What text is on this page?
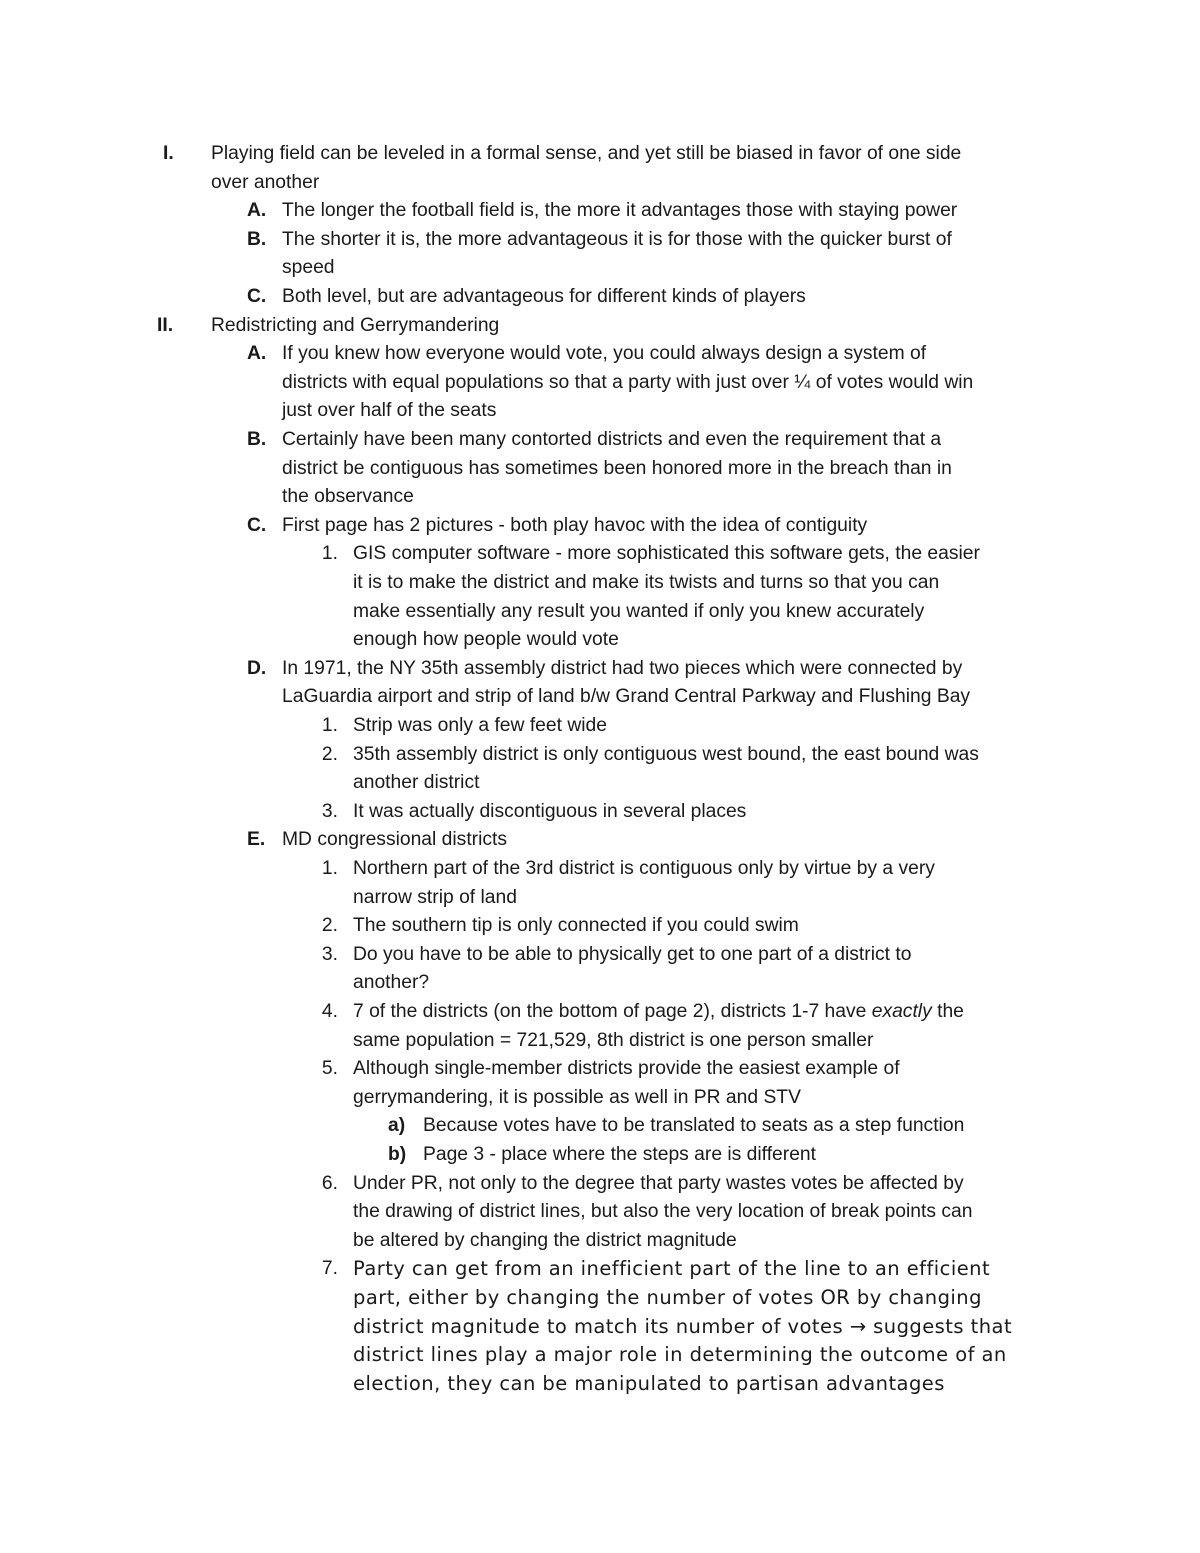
I. Playing field can be leveled in a formal sense, and yet still be biased in favor of one side
over another
A. The longer the football field is, the more it advantages those with staying power
B. The shorter it is, the more advantageous it is for those with the quicker burst of
speed
C. Both level, but are advantageous for different kinds of players
II. Redistricting and Gerrymandering
A. If you knew how everyone would vote, you could always design a system of
districts with equal populations so that a party with just over ¼ of votes would win
just over half of the seats
B. Certainly have been many contorted districts and even the requirement that a
district be contiguous has sometimes been honored more in the breach than in
the observance
C. First page has 2 pictures - both play havoc with the idea of contiguity
1. GIS computer software - more sophisticated this software gets, the easier
it is to make the district and make its twists and turns so that you can
make essentially any result you wanted if only you knew accurately
enough how people would vote
D. In 1971, the NY 35th assembly district had two pieces which were connected by
LaGuardia airport and strip of land b/w Grand Central Parkway and Flushing Bay
1. Strip was only a few feet wide
2. 35th assembly district is only contiguous west bound, the east bound was
another district
3. It was actually discontiguous in several places
E. MD congressional districts
1. Northern part of the 3rd district is contiguous only by virtue by a very
narrow strip of land
2. The southern tip is only connected if you could swim
3. Do you have to be able to physically get to one part of a district to
another?
4. 7 of the districts (on the bottom of page 2), districts 1-7 have exactly the
same population = 721,529, 8th district is one person smaller
5. Although single-member districts provide the easiest example of
gerrymandering, it is possible as well in PR and STV
a) Because votes have to be translated to seats as a step function
b) Page 3 - place where the steps are is different
6. Under PR, not only to the degree that party wastes votes be affected by
the drawing of district lines, but also the very location of break points can
be altered by changing the district magnitude
7. Party can get from an inefficient part of the line to an efficient
part, either by changing the number of votes OR by changing
district magnitude to match its number of votes → suggests that
district lines play a major role in determining the outcome of an
election, they can be manipulated to partisan advantages
